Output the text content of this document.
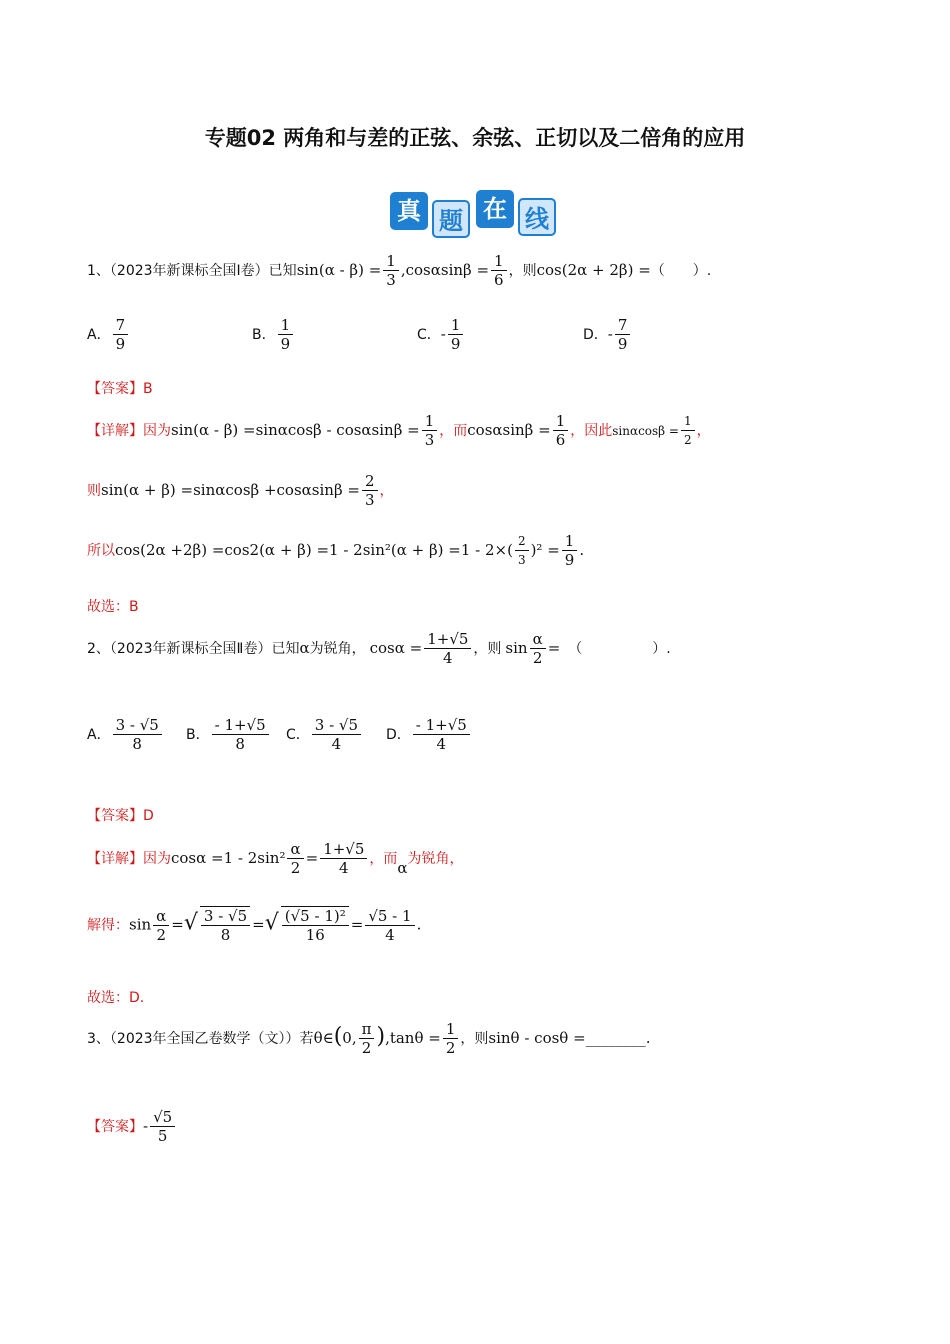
专题02 两角和与差的正弦、余弦、正切以及二倍角的应用
真 题 在 线
1、（2023年新课标全国Ⅰ卷）已知$\sin(\alpha - \beta) = \frac{1}{3} ,\cos\alpha\sin\beta = \frac{1}{6}$ ，则cos(2α + 2β) =（　　）.
A． $\frac{7}{9}$	B． $\frac{1}{9}$	C．- $\frac{1}{9}$	D．- $\frac{7}{9}$
【答案】B
【详解】因为$\sin(\alpha - \beta) =\sin\alpha\cos\beta - \cos\alpha\sin\beta = \frac{1}{3}$ ，而$\cos\alpha\sin\beta = \frac{1}{6}$ ，因此$\sin\alpha\cos\beta = \frac{1}{2}$ ，
则$\sin(\alpha + \beta) =\sin\alpha\cos\beta +\cos\alpha\sin\beta = \frac{2}{3}$ ，
所以$\cos(2\alpha +2\beta) =\cos 2(\alpha + \beta) =1 - 2\sin^2(\alpha + \beta) =1 - 2\times( \frac{2}{3} )^2 = \frac{1}{9}$ .
故选：B
2、（2023年新课标全国Ⅱ卷）已知α为锐角， $\cos\alpha = \frac{1+√5}{4}$ ，则 $\sin \frac{\alpha}{2}$ = （　　　　　）.
A． $\frac{3 - √5}{8}$ B． $\frac{- 1+√5}{8}$ C． $\frac{3 - √5}{4}$ D． $\frac{- 1+√5}{4}$
【答案】D
【详解】因为$\cos\alpha =1 - 2\sin^2 \frac{\alpha}{2} = \frac{1+√5}{4}$ ，而α为锐角，
解得：$\sin \frac{\alpha}{2}$ =√ $\frac{3 - √5}{8}$ =√ $\frac{\text{(√5 - 1)²}}{16} = \frac{√5 - 1}{4}$ .
故选：D.
3、（2023年全国乙卷数学（文））若θ∈(0, $\frac{\pi}{2} ),\tan\theta = \frac{1}{2}$ ，则sinθ - cosθ =________.
【答案】- $\frac{√5}{5}$
